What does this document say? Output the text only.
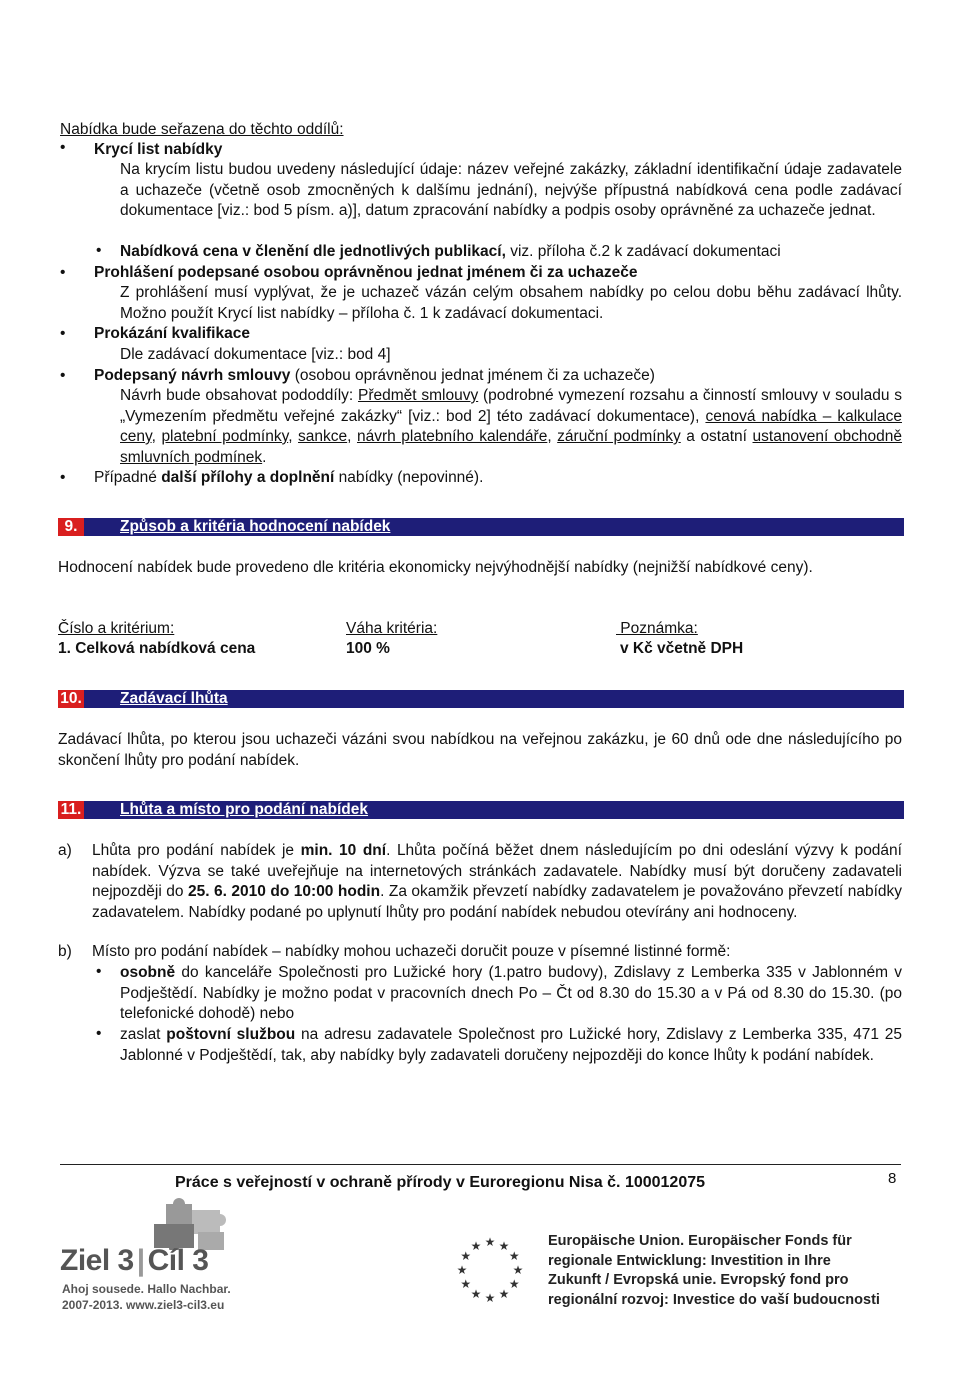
Nabídka bude seřazena do těchto oddílů:
• Krycí list nabídky
Na krycím listu budou uvedeny následující údaje: název veřejné zakázky, základní identifikační údaje zadavatele a uchazeče (včetně osob zmocněných k dalšímu jednání), nejvýše přípustná nabídková cena podle zadávací dokumentace [viz.: bod 5 písm. a)], datum zpracování nabídky a podpis osoby oprávněné za uchazeče jednat.
• Nabídková cena v členění dle jednotlivých publikací, viz. příloha č.2 k zadávací dokumentaci
• Prohlášení podepsané osobou oprávněnou jednat jménem či za uchazeče
Z prohlášení musí vyplývat, že je uchazeč vázán celým obsahem nabídky po celou dobu běhu zadávací lhůty. Možno použít Krycí list nabídky – příloha č. 1 k zadávací dokumentaci.
• Prokázání kvalifikace
Dle zadávací dokumentace [viz.: bod 4]
• Podepsaný návrh smlouvy (osobou oprávněnou jednat jménem či za uchazeče)
Návrh bude obsahovat pododdíly: Předmět smlouvy (podrobné vymezení rozsahu a činností smlouvy v souladu s „Vymezením předmětu veřejné zakázky“ [viz.: bod 2] této zadávací dokumentace), cenová nabídka – kalkulace ceny, platební podmínky, sankce, návrh platebního kalendáře, záruční podmínky a ostatní ustanovení obchodně smluvních podmínek.
• Případné další přílohy a doplnění nabídky (nepovinné).
9.	Způsob a kritéria hodnocení nabídek
Hodnocení nabídek bude provedeno dle kritéria ekonomicky nejvýhodnější nabídky (nejnižší nabídkové ceny).
Číslo a kritérium:	Váha kritéria:	Poznámka:
1. Celková nabídková cena	100 %	v Kč včetně DPH
10. Zadávací lhůta
Zadávací lhůta, po kterou jsou uchazeči vázáni svou nabídkou na veřejnou zakázku, je 60 dnů ode dne následujícího po skončení lhůty pro podání nabídek.
11. Lhůta a místo pro podání nabídek
a)	Lhůta pro podání nabídek je min. 10 dní. Lhůta počíná běžet dnem následujícím po dni odeslání výzvy k podání nabídek. Výzva se také uveřejňuje na internetových stránkách zadavatele. Nabídky musí být doručeny zadavateli nejpozději do 25. 6. 2010 do 10:00 hodin. Za okamžik převzetí nabídky zadavatelem je považováno převzetí nabídky zadavatelem. Nabídky podané po uplynutí lhůty pro podání nabídek nebudou otevírány ani hodnoceny.
b)	Místo pro podání nabídek – nabídky mohou uchazeči doručit pouze v písemné listinné formě:
• osobně do kanceláře Společnosti pro Lužické hory (1.patro budovy), Zdislavy z Lemberka 335 v Jablonném v Podještědí. Nabídky je možno podat v pracovních dnech Po – Čt od 8.30 do 15.30 a v Pá od 8.30 do 15.30. (po telefonické dohodě) nebo
• zaslat poštovní službou na adresu zadavatele Společnost pro Lužické hory, Zdislavy z Lemberka 335, 471 25 Jablonné v Podještědí, tak, aby nabídky byly zadavateli doručeny nejpozději do konce lhůty k podání nabídek.
Práce s veřejností v ochraně přírody v Euroregionu Nisa č. 100012075	8
Ziel 3 | Cíl 3
Ahoj sousede. Hallo Nachbar.
2007-2013. www.ziel3-cil3.eu
★ ★
★
★
★
★
★
★
★
★
★
★	Europäische Union. Europäischer Fonds für
regionale Entwicklung: Investition in Ihre
Zukunft / Evropská unie. Evropský fond pro
regionální rozvoj: Investice do vaší budoucnosti
